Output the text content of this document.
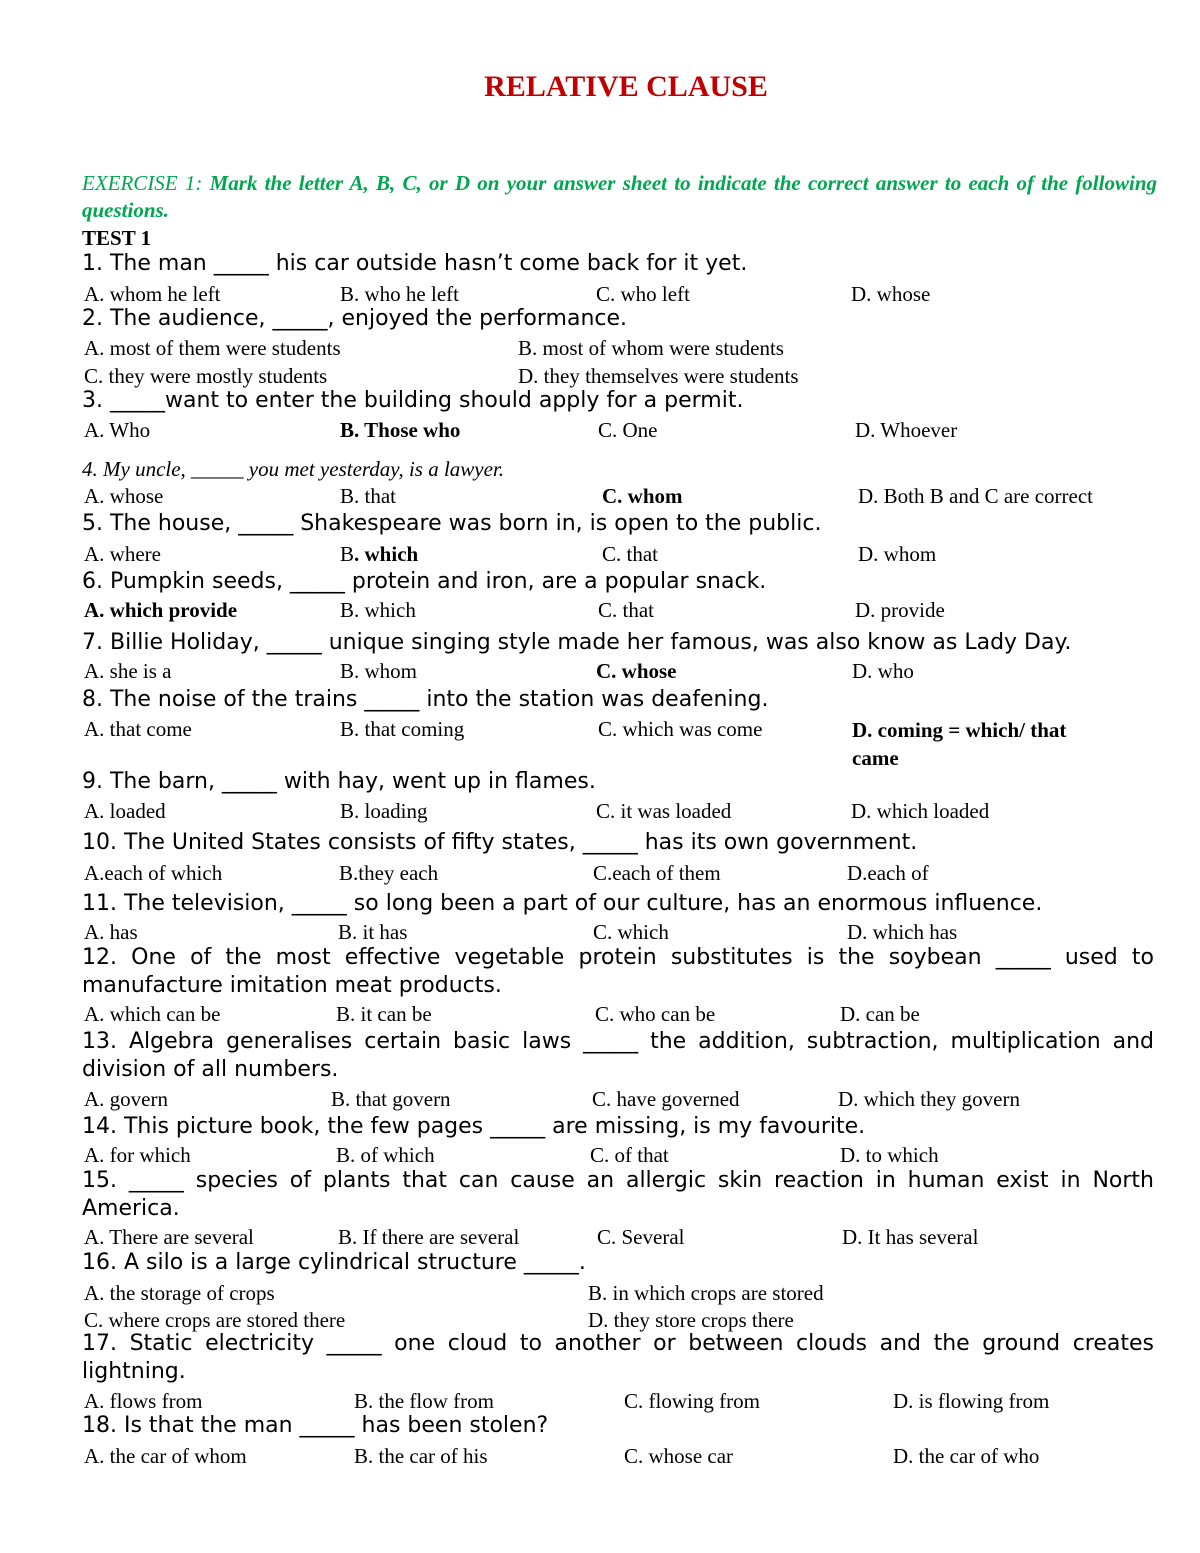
RELATIVE CLAUSE
EXERCISE 1: Mark the letter A, B, C, or D on your answer sheet to indicate the correct answer to each of the following questions.
TEST 1
1. The man _____ his car outside hasn’t come back for it yet.
A. whom he left	B. who he left	C. who left	D. whose
2. The audience, _____, enjoyed the performance.
A. most of them were students	B. most of whom were students
C. they were mostly students	D. they themselves were students
3. _____want to enter the building should apply for a permit.
A. Who	B. Those who	C. One	D. Whoever
4. My uncle, _____ you met yesterday, is a lawyer.
A. whose	B. that	C. whom	D. Both B and C are correct
5. The house, _____ Shakespeare was born in, is open to the public.
A. where	B. which	C. that	D. whom
6. Pumpkin seeds, _____ protein and iron, are a popular snack.
A. which provide	B. which	C. that	D. provide
7. Billie Holiday, _____ unique singing style made her famous, was also know as Lady Day.
A. she is a	B. whom	C. whose	D. who
8. The noise of the trains _____ into the station was deafening.
A. that come	B. that coming	C. which was come	D. coming = which/ that came
9. The barn, _____ with hay, went up in flames.
A. loaded	B. loading	C. it was loaded	D. which loaded
10. The United States consists of fifty states, _____ has its own government.
A.each of which	B.they each	C.each of them	D.each of
11. The television, _____ so long been a part of our culture, has an enormous influence.
A. has	B. it has	C. which	D. which has
12. One of the most effective vegetable protein substitutes is the soybean _____ used to manufacture imitation meat products.
A. which can be	B. it can be	C. who can be	D. can be
13. Algebra generalises certain basic laws _____ the addition, subtraction, multiplication and division of all numbers.
A. govern	B. that govern	C. have governed	D. which they govern
14. This picture book, the few pages _____ are missing, is my favourite.
A. for which	B. of which	C. of that	D. to which
15. _____ species of plants that can cause an allergic skin reaction in human exist in North America.
A. There are several	B. If there are several	C. Several	D. It has several
16. A silo is a large cylindrical structure _____.
A. the storage of crops	B. in which crops are stored
C. where crops are stored there	D. they store crops there
17. Static electricity _____ one cloud to another or between clouds and the ground creates lightning.
A. flows from	B. the flow from	C. flowing from	D. is flowing from
18. Is that the man _____ has been stolen?
A. the car of whom	B. the car of his	C. whose car	D. the car of who
